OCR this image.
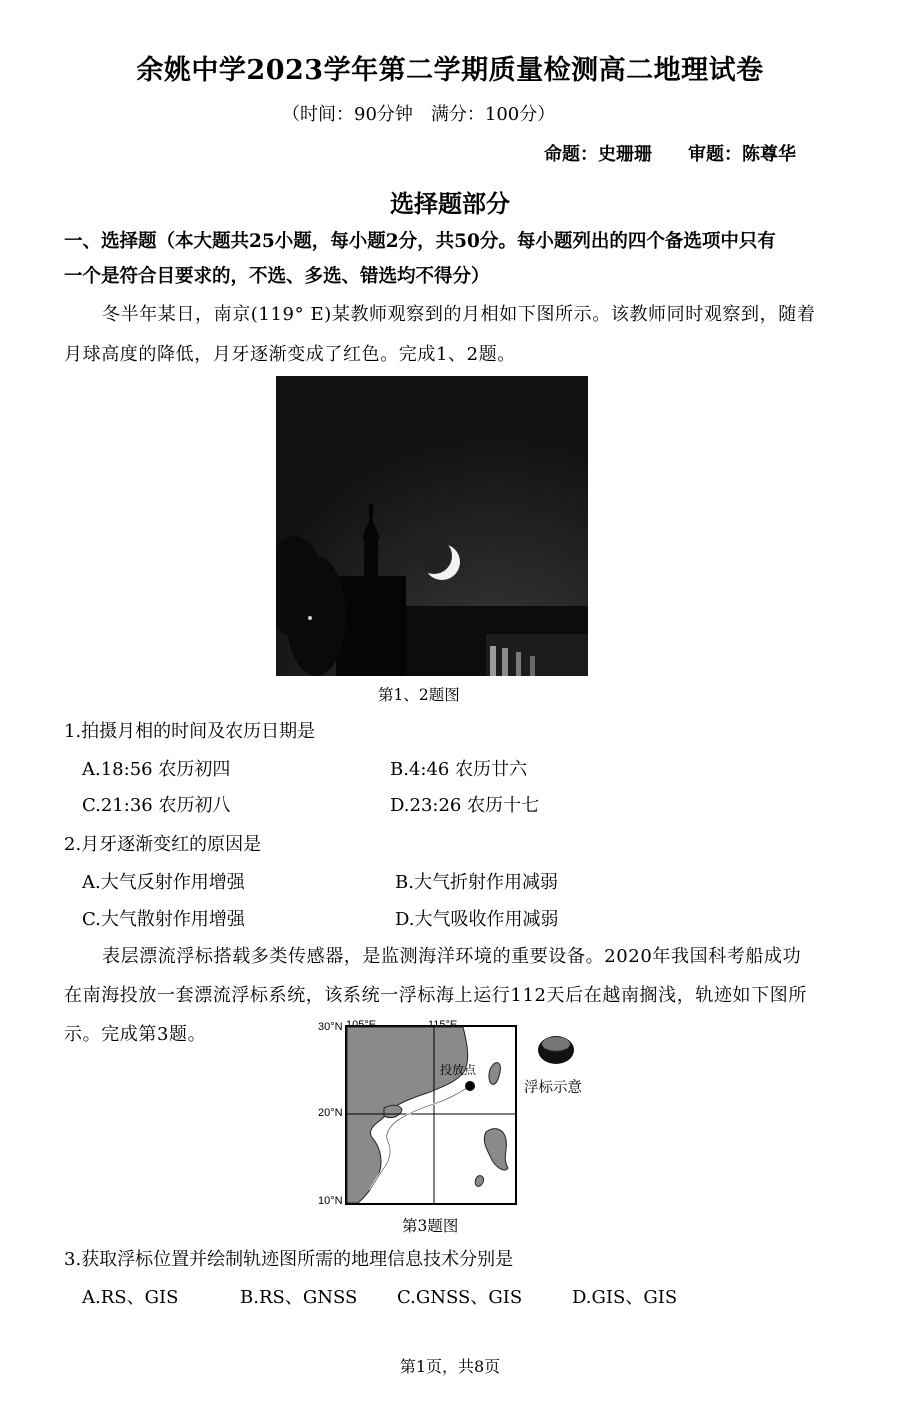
余姚中学2023学年第二学期质量检测高二地理试卷
（时间：90分钟　满分：100分）
命题：史珊珊　　审题：陈尊华
选择题部分
一、选择题（本大题共25小题，每小题2分，共50分。每小题列出的四个备选项中只有
一个是符合目要求的，不选、多选、错选均不得分）
冬半年某日，南京(119° E)某教师观察到的月相如下图所示。该教师同时观察到，随着
月球高度的降低，月牙逐渐变成了红色。完成1、2题。
第1、2题图
1.拍摄月相的时间及农历日期是
A.18:56 农历初四	B.4:46 农历廿六
C.21:36 农历初八	D.23:26 农历十七
2.月牙逐渐变红的原因是
A.大气反射作用增强	B.大气折射作用减弱
C.大气散射作用增强	D.大气吸收作用减弱
表层漂流浮标搭载多类传感器，是监测海洋环境的重要设备。2020年我国科考船成功
在南海投放一套漂流浮标系统，该系统一浮标海上运行112天后在越南搁浅，轨迹如下图所
示。完成第3题。	30°N
20°N
10°N
投放点
浮标示意
第3题图
3.获取浮标位置并绘制轨迹图所需的地理信息技术分别是
A.RS、GIS	B.RS、GNSS C.GNSS、GIS	D.GIS、GIS
第1页，共8页
